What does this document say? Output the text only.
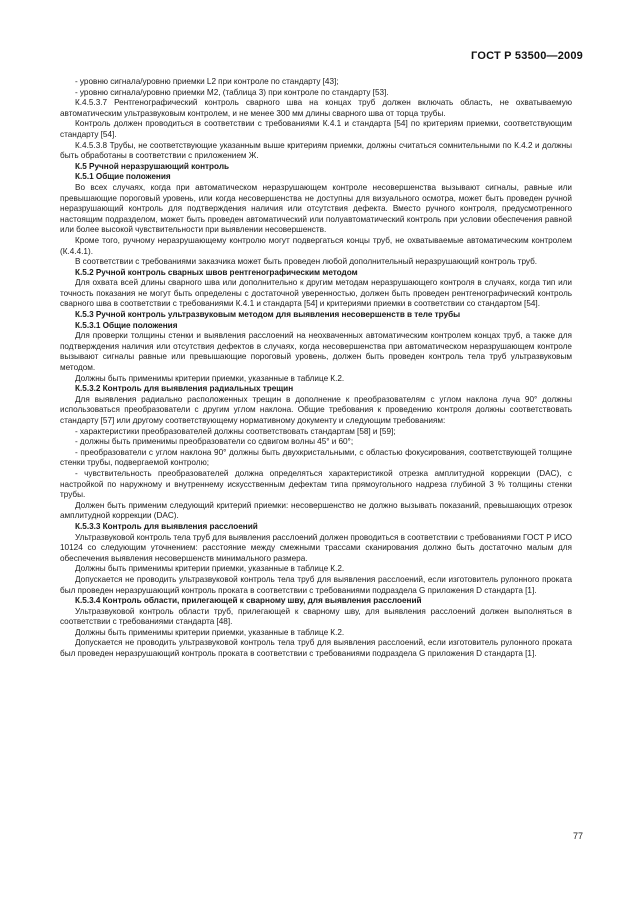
ГОСТ Р 53500—2009

- уровню сигнала/уровню приемки L2 при контроле по стандарту [43];

- уровню сигнала/уровню приемки M2, (таблица 3) при контроле по стандарту [53].

К.4.5.3.7 Рентгенографический контроль сварного шва на концах труб должен включать область, не охватываемую автоматическим ультразвуковым контролем, и не менее 300 мм длины сварного шва от торца трубы.

Контроль должен проводиться в соответствии с требованиями К.4.1 и стандарта [54] по критериям приемки, соответствующим стандарту [54].

К.4.5.3.8 Трубы, не соответствующие указанным выше критериям приемки, должны считаться сомнительными по К.4.2 и должны быть обработаны в соответствии с приложением Ж.

К.5 Ручной неразрушающий контроль

К.5.1 Общие положения

Во всех случаях, когда при автоматическом неразрушающем контроле несовершенства вызывают сигналы, равные или превышающие пороговый уровень, или когда несовершенства не доступны для визуального осмотра, может быть проведен ручной неразрушающий контроль для подтверждения наличия или отсутствия дефекта. Вместо ручного контроля, предусмотренного настоящим подразделом, может быть проведен автоматический или полуавтоматический контроль при условии обеспечения равной или более высокой чувствительности при выявлении несовершенств.

Кроме того, ручному неразрушающему контролю могут подвергаться концы труб, не охватываемые автоматическим контролем (К.4.4.1).

В соответствии с требованиями заказчика может быть проведен любой дополнительный неразрушающий контроль труб.

К.5.2 Ручной контроль сварных швов рентгенографическим методом

Для охвата всей длины сварного шва или дополнительно к другим методам неразрушающего контроля в случаях, когда тип или точность показания не могут быть определены с достаточной уверенностью, должен быть проведен рентгенографический контроль сварного шва в соответствии с требованиями К.4.1 и стандарта [54] и критериями приемки в соответствии со стандартом [54].

К.5.3 Ручной контроль ультразвуковым методом для выявления несовершенств в теле трубы

К.5.3.1 Общие положения

Для проверки толщины стенки и выявления расслоений на неохваченных автоматическим контролем концах труб, а также для подтверждения наличия или отсутствия дефектов в случаях, когда несовершенства при автоматическом неразрушающем контроле вызывают сигналы равные или превышающие пороговый уровень, должен быть проведен контроль тела труб ультразвуковым методом.

Должны быть применимы критерии приемки, указанные в таблице К.2.

К.5.3.2 Контроль для выявления радиальных трещин

Для выявления радиально расположенных трещин в дополнение к преобразователям с углом наклона луча 90° должны использоваться преобразователи с другим углом наклона. Общие требования к проведению контроля должны соответствовать стандарту [57] или другому соответствующему нормативному документу и следующим требованиям:

- характеристики преобразователей должны соответствовать стандартам [58] и [59];

- должны быть применимы преобразователи со сдвигом волны 45° и 60°;

- преобразователи с углом наклона 90° должны быть двухкристальными, с областью фокусирования, соответствующей толщине стенки трубы, подвергаемой контролю;

- чувствительность преобразователей должна определяться характеристикой отрезка амплитудной коррекции (DAC), с настройкой по наружному и внутреннему искусственным дефектам типа прямоугольного надреза глубиной 3 % толщины стенки трубы.

Должен быть применим следующий критерий приемки: несовершенство не должно вызывать показаний, превышающих отрезок амплитудной коррекции (DAC).

К.5.3.3 Контроль для выявления расслоений

Ультразвуковой контроль тела труб для выявления расслоений должен проводиться в соответствии с требованиями ГОСТ Р ИСО 10124 со следующим уточнением: расстояние между смежными трассами сканирования должно быть достаточно малым для обеспечения выявления несовершенств минимального размера.

Должны быть применимы критерии приемки, указанные в таблице К.2.

Допускается не проводить ультразвуковой контроль тела труб для выявления расслоений, если изготовитель рулонного проката был проведен неразрушающий контроль проката в соответствии с требованиями подраздела G приложения D стандарта [1].

К.5.3.4 Контроль области, прилегающей к сварному шву, для выявления расслоений

Ультразвуковой контроль области труб, прилегающей к сварному шву, для выявления расслоений должен выполняться в соответствии с требованиями стандарта [48].

Должны быть применимы критерии приемки, указанные в таблице К.2.

Допускается не проводить ультразвуковой контроль тела труб для выявления расслоений, если изготовитель рулонного проката был проведен неразрушающий контроль проката в соответствии с требованиями подраздела G приложения D стандарта [1].

77
